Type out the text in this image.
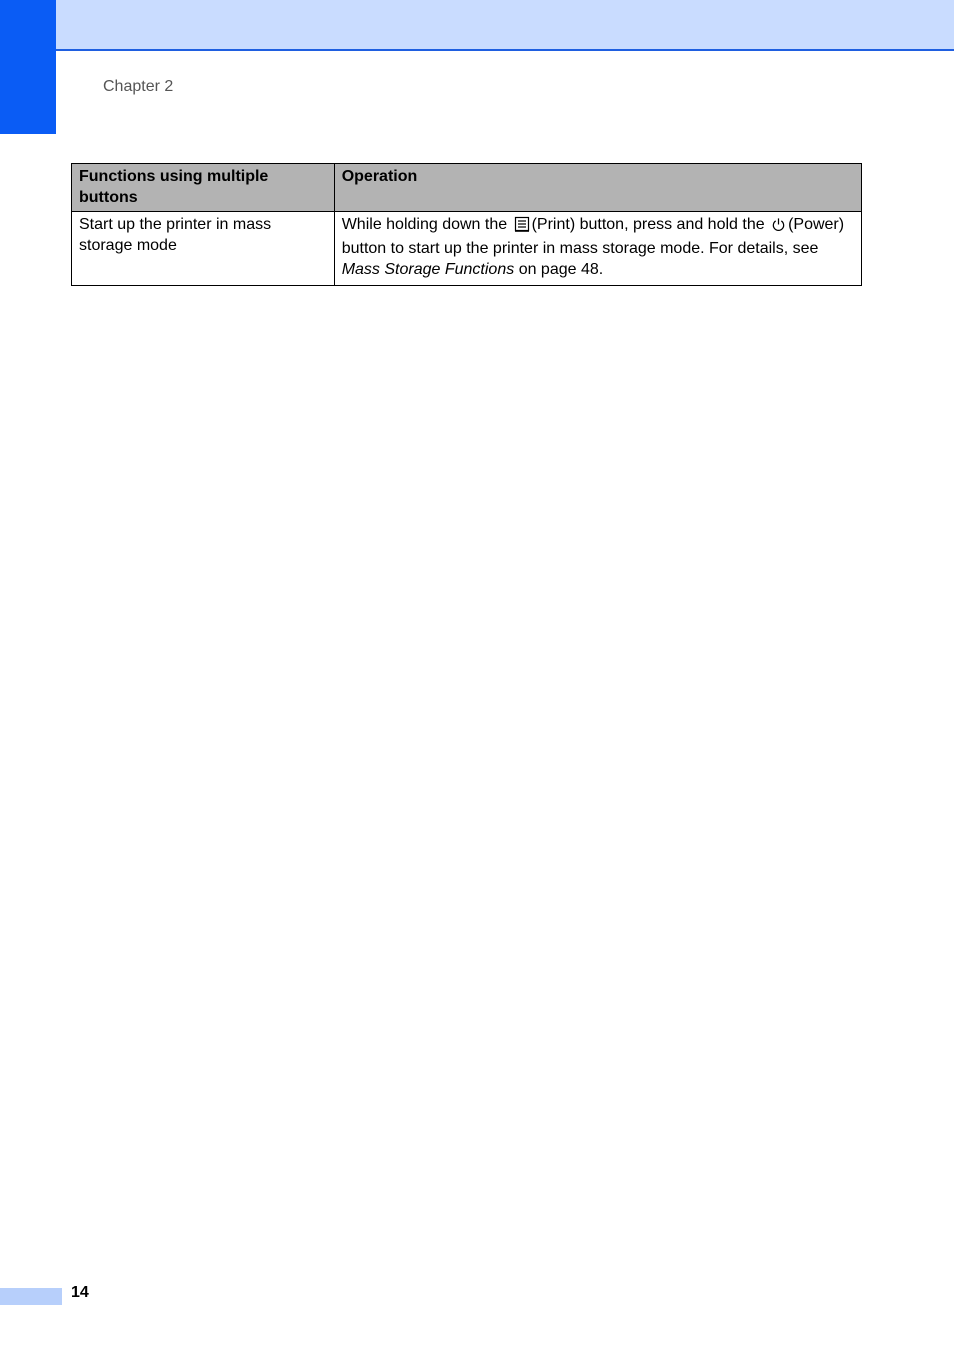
Chapter 2
Functions using multiple buttons	Operation
Start up the printer in mass storage mode	While holding down the (Print) button, press and hold the (Power) button to start up the printer in mass storage mode. For details, see Mass Storage Functions on page 48.
14
